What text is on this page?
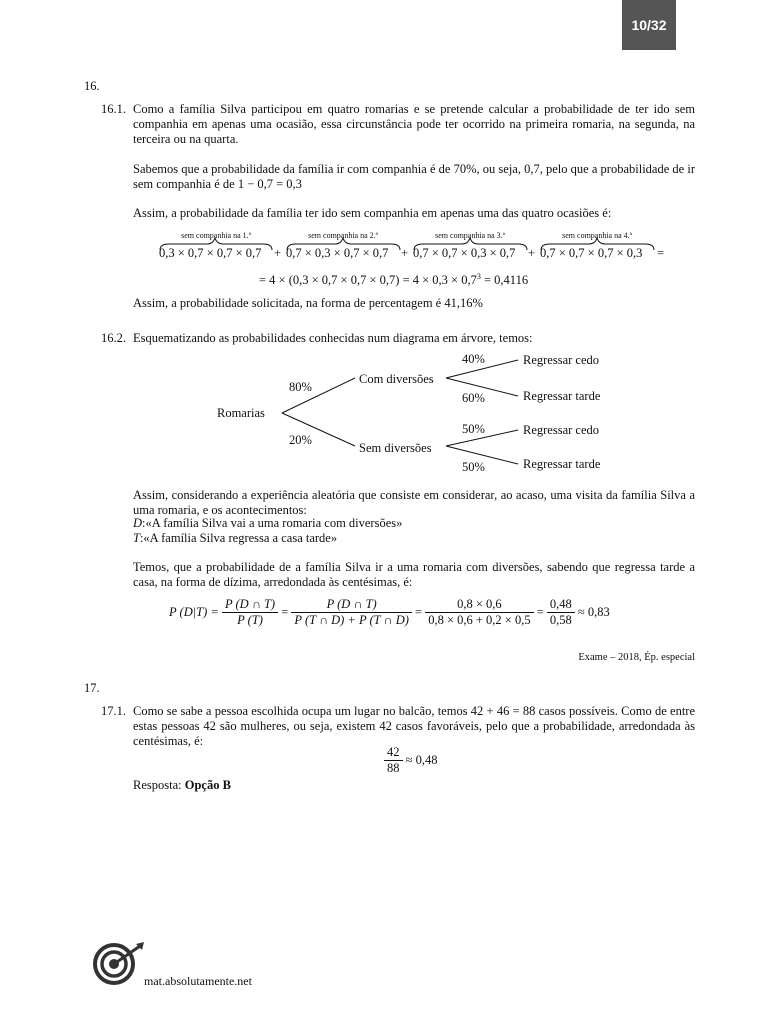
10/32
16.
16.1. Como a família Silva participou em quatro romarias e se pretende calcular a probabilidade de ter ido sem companhia em apenas uma ocasião, essa circunstância pode ter ocorrido na primeira romaria, na segunda, na terceira ou na quarta.
Sabemos que a probabilidade da família ir com companhia é de 70%, ou seja, 0,7, pelo que a probabilidade de ir sem companhia é de 1 − 0,7 = 0,3
Assim, a probabilidade da família ter ido sem companhia em apenas uma das quatro ocasiões é:
sem companhia na 1.ª	sem companhia na 2.ª	sem companhia na 3.ª	sem companhia na 4.ª
0,3 × 0,7 × 0,7 × 0,7 + 0,7 × 0,3 × 0,7 × 0,7 + 0,7 × 0,7 × 0,3 × 0,7 + 0,7 × 0,7 × 0,7 × 0,3 =
= $4 \times (0,3 \times 0,7 \times 0,7 \times 0,7) = 4 \times 0,3 \times 0,7^3 = 0,4116$
Assim, a probabilidade solicitada, na forma de percentagem é 41,16%
16.2. Esquematizando as probabilidades conhecidas num diagrama em árvore, temos:
Romarias
80%
20%
Com diversões
Sem diversões
40%
60%
50%
50%
Regressar cedo
Regressar tarde
Regressar cedo
Regressar tarde
Assim, considerando a experiência aleatória que consiste em considerar, ao acaso, uma visita da família Silva a uma romaria, e os acontecimentos:
D:«A família Silva vai a uma romaria com diversões»
T:«A família Silva regressa a casa tarde»
Temos, que a probabilidade de a família Silva ir a uma romaria com diversões, sabendo que regressa tarde a casa, na forma de dízima, arredondada às centésimas, é:
P $(D|T) = \frac{P (D \cap T)}{P (T)} = \frac{P (D \cap T)}{P (T \cap D) + P (T \cap \overline{D})} = \frac{0,8 \times 0,6}{0,8 \times 0,6 + 0,2 \times 0,5} = \frac{0,48}{0,58} \approx 0,83$
Exame – 2018, Ép. especial
17.
17.1. Como se sabe a pessoa escolhida ocupa um lugar no balcão, temos 42 + 46 = 88 casos possíveis. Como de entre estas pessoas 42 são mulheres, ou seja, existem 42 casos favoráveis, pelo que a probabilidade, arredondada às centésimas, é:
$\frac{42}{88} \approx 0,48$
Resposta: Opção B
mat.absolutamente.net
